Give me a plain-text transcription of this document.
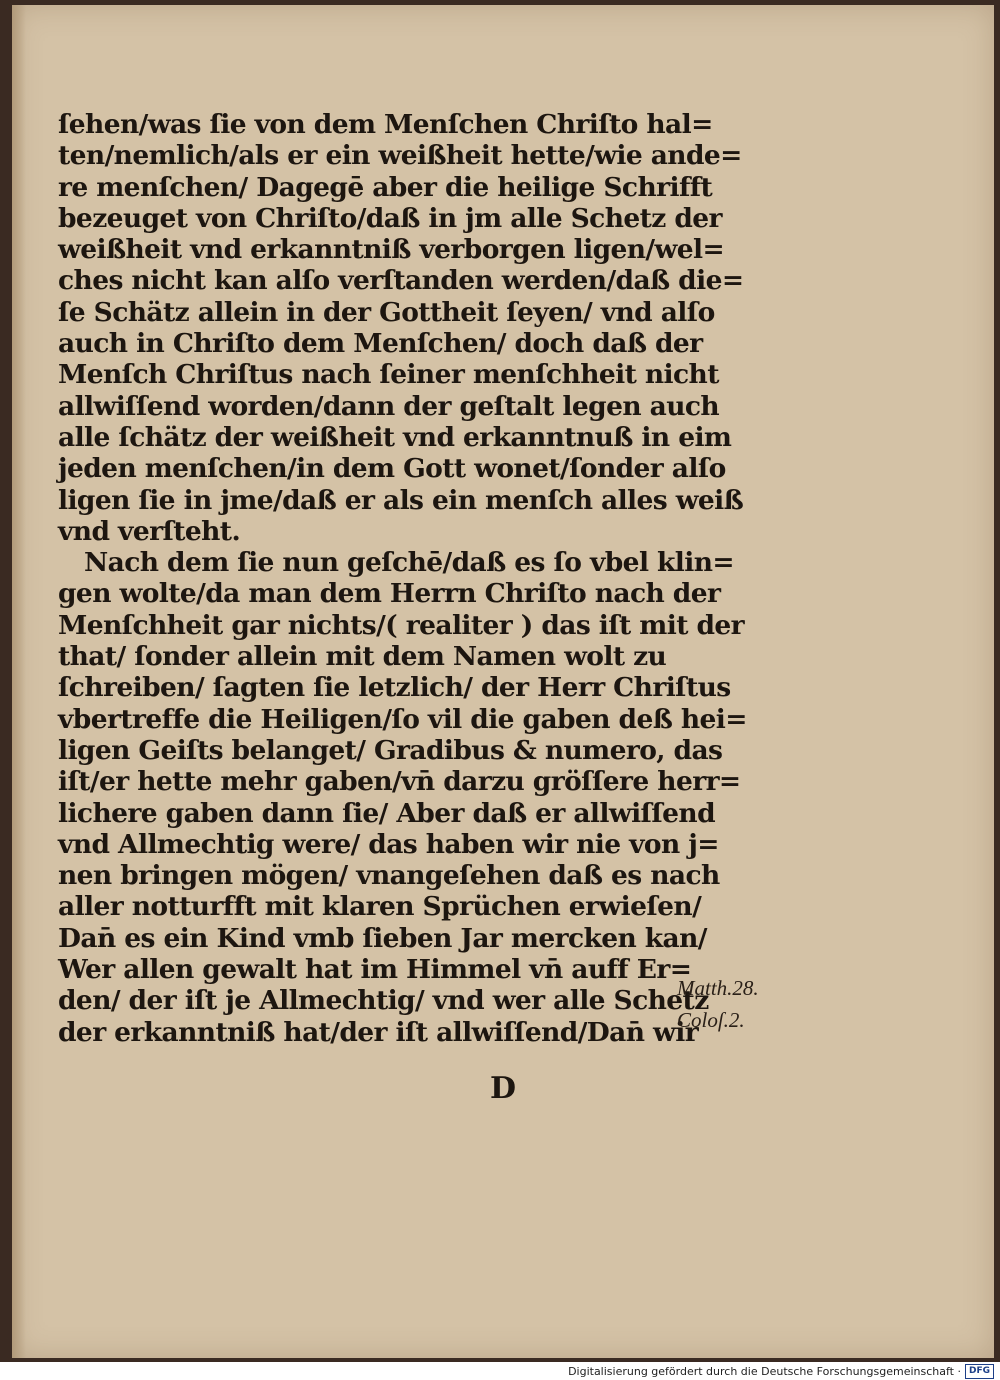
ſehen/was ſie von dem Menſchen Chriſto hal=
ten/nemlich/als er ein weißheit hette/wie ande=
re menſchen/ Dagegē aber die heilige Schrifft
bezeuget von Chriſto/daß in jm alle Schetz der
weißheit vnd erkanntniß verborgen ligen/wel=
ches nicht kan alſo verſtanden werden/daß die=
ſe Schätz allein in der Gottheit ſeyen/ vnd alſo
auch in Chriſto dem Menſchen/ doch daß der
Menſch Chriſtus nach ſeiner menſchheit nicht
allwiſſend worden/dann der geſtalt legen auch
alle ſchätz der weißheit vnd erkanntnuß in eim
jeden menſchen/in dem Gott wonet/ſonder alſo
ligen ſie in jme/daß er als ein menſch alles weiß
vnd verſteht.
Nach dem ſie nun geſchē/daß es ſo vbel klin=
gen wolte/da man dem Herrn Chriſto nach der
Menſchheit gar nichts/( realiter ) das iſt mit der
that/ ſonder allein mit dem Namen wolt zu
ſchreiben/ ſagten ſie letzlich/ der Herr Chriſtus
vbertreffe die Heiligen/ſo vil die gaben deß hei=
ligen Geiſts belanget/ Gradibus & numero, das
iſt/er hette mehr gaben/vn̄ darzu gröſſere herr=
lichere gaben dann ſie/ Aber daß er allwiſſend
vnd Allmechtig were/ das haben wir nie von j=
nen bringen mögen/ vnangeſehen daß es nach
aller notturfft mit klaren Sprüchen erwieſen/
Dan̄ es ein Kind vmb ſieben Jar mercken kan/
Wer allen gewalt hat im Himmel vn̄ auff Er=
den/ der iſt je Allmechtig/ vnd wer alle Schetz
der erkanntniß hat/der iſt allwiſſend/Dan̄ wir
Matth.28.
Coloſ.2.
D
Digitalisierung gefördert durch die Deutsche Forschungsgemeinschaft · DFG
